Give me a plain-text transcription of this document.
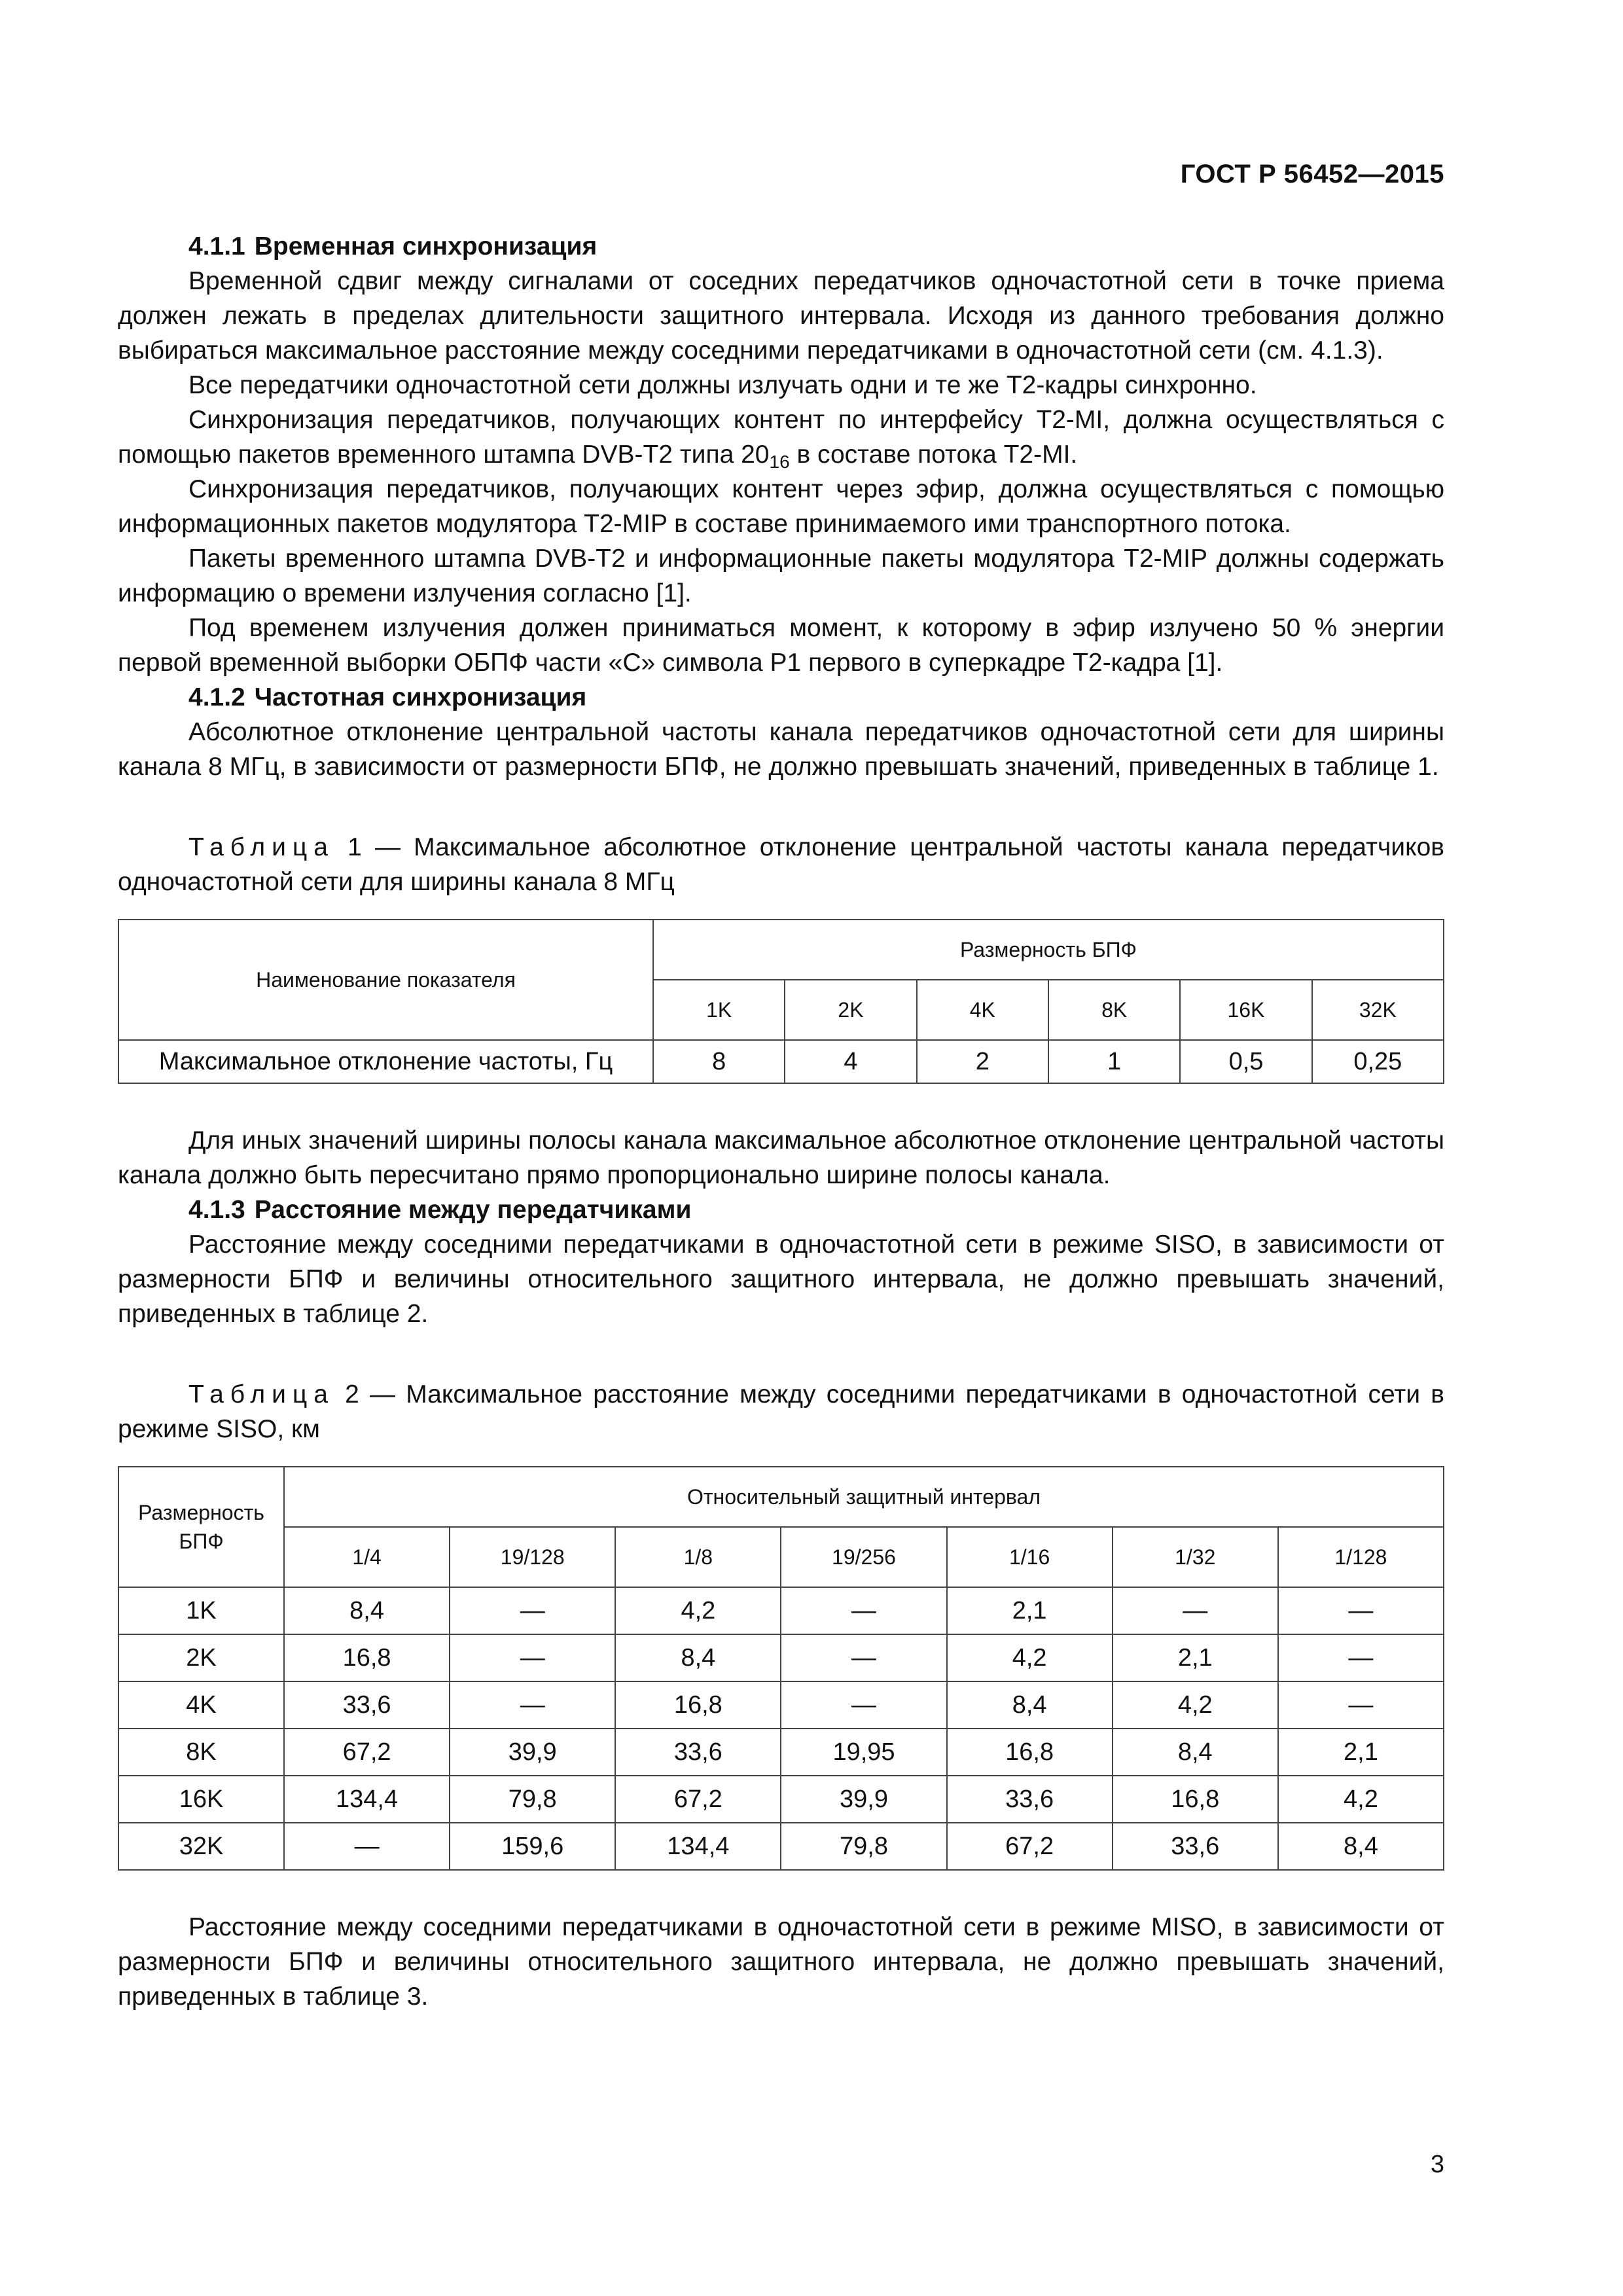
ГОСТ Р 56452—2015
4.1.1 Временная синхронизация

Временной сдвиг между сигналами от соседних передатчиков одночастотной сети в точке приема должен лежать в пределах длительности защитного интервала. Исходя из данного требования должно выбираться максимальное расстояние между соседними передатчиками в одночастотной сети (см. 4.1.3).

Все передатчики одночастотной сети должны излучать одни и те же Т2-кадры синхронно.

Синхронизация передатчиков, получающих контент по интерфейсу Т2-MI, должна осуществляться с помощью пакетов временного штампа DVB-T2 типа $20_{16}$ в составе потока Т2-MI.

Синхронизация передатчиков, получающих контент через эфир, должна осуществляться с помощью информационных пакетов модулятора T2-MIP в составе принимаемого ими транспортного потока.

Пакеты временного штампа DVB-T2 и информационные пакеты модулятора T2-MIP должны содержать информацию о времени излучения согласно [1].

Под временем излучения должен приниматься момент, к которому в эфир излучено 50 % энергии первой временной выборки ОБПФ части «С» символа Р1 первого в суперкадре Т2-кадра [1].

4.1.2 Частотная синхронизация

Абсолютное отклонение центральной частоты канала передатчиков одночастотной сети для ширины канала 8 МГц, в зависимости от размерности БПФ, не должно превышать значений, приведенных в таблице 1.

Таблица 1 — Максимальное абсолютное отклонение центральной частоты канала передатчиков одночастотной сети для ширины канала 8 МГц

Наименование показателя	Размерность БПФ					
	1K	2K	4K	8K	16K	32K
Максимальное отклонение частоты, Гц	8	4	2	1	0,5	0,25

Для иных значений ширины полосы канала максимальное абсолютное отклонение центральной частоты канала должно быть пересчитано прямо пропорционально ширине полосы канала.

4.1.3 Расстояние между передатчиками

Расстояние между соседними передатчиками в одночастотной сети в режиме SISO, в зависимости от размерности БПФ и величины относительного защитного интервала, не должно превышать значений, приведенных в таблице 2.

Таблица 2 — Максимальное расстояние между соседними передатчиками в одночастотной сети в режиме SISO, км

Размерность БПФ	Относительный защитный интервал						
	1/4	19/128	1/8	19/256	1/16	1/32	1/128
1K	8,4	—	4,2	—	2,1	—	—
2K	16,8	—	8,4	—	4,2	2,1	—
4K	33,6	—	16,8	—	8,4	4,2	—
8K	67,2	39,9	33,6	19,95	16,8	8,4	2,1
16K	134,4	79,8	67,2	39,9	33,6	16,8	4,2
32K	—	159,6	134,4	79,8	67,2	33,6	8,4

Расстояние между соседними передатчиками в одночастотной сети в режиме MISO, в зависимости от размерности БПФ и величины относительного защитного интервала, не должно превышать значений, приведенных в таблице 3.

3
